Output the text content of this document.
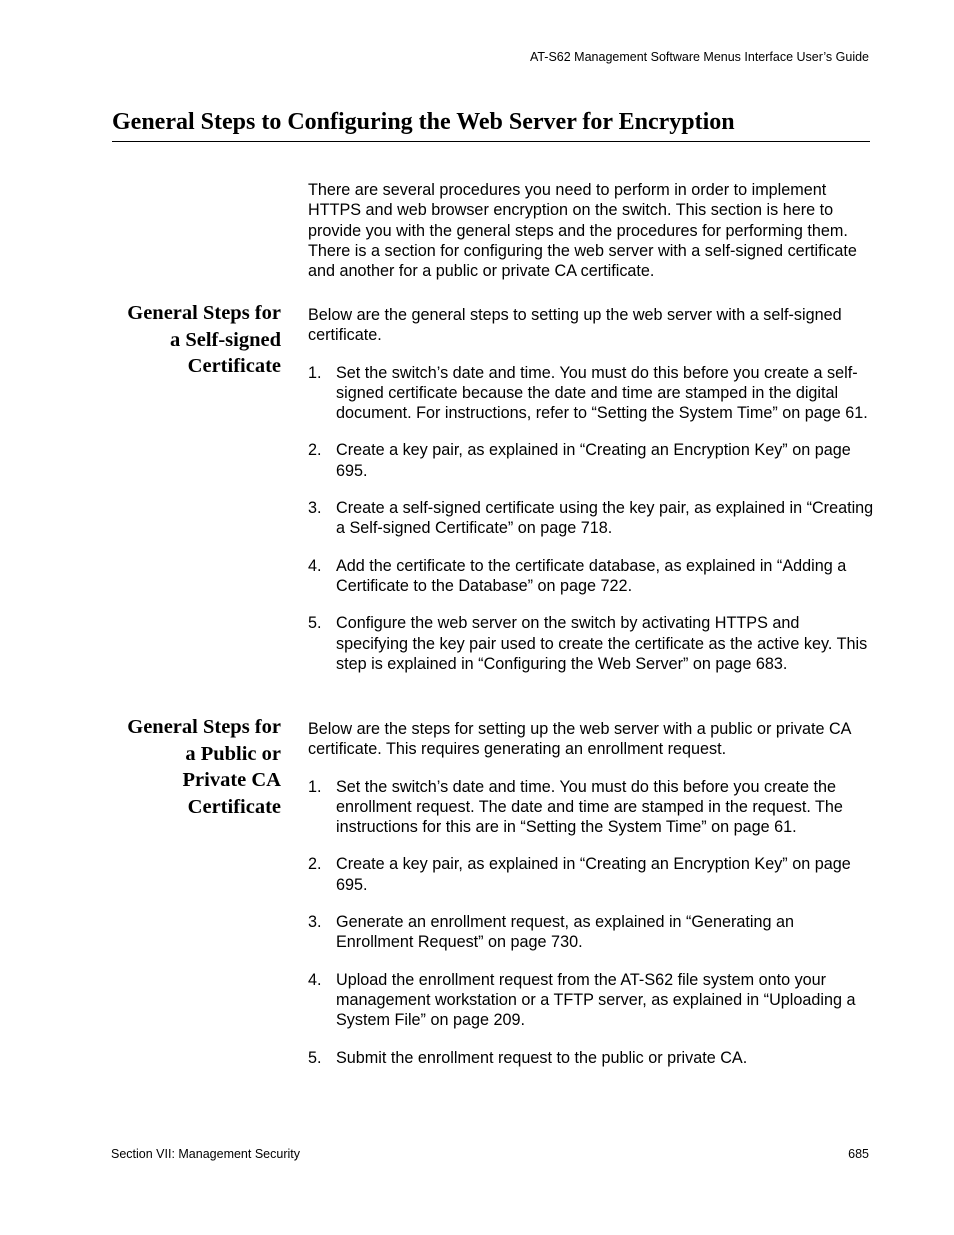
AT-S62 Management Software Menus Interface User’s Guide
General Steps to Configuring the Web Server for Encryption

There are several procedures you need to perform in order to implement HTTPS and web browser encryption on the switch. This section is here to provide you with the general steps and the procedures for performing them. There is a section for configuring the web server with a self-signed certificate and another for a public or private CA certificate.

General Steps for
a Self-signed
Certificate

Below are the general steps to setting up the web server with a self-signed certificate.

1. Set the switch’s date and time. You must do this before you create a self-signed certificate because the date and time are stamped in the digital document. For instructions, refer to “Setting the System Time” on page 61.
2. Create a key pair, as explained in “Creating an Encryption Key” on page 695.
3. Create a self-signed certificate using the key pair, as explained in “Creating a Self-signed Certificate” on page 718.
4. Add the certificate to the certificate database, as explained in “Adding a Certificate to the Database” on page 722.
5. Configure the web server on the switch by activating HTTPS and specifying the key pair used to create the certificate as the active key. This step is explained in “Configuring the Web Server” on page 683.
General Steps for
a Public or
Private CA
Certificate

Below are the steps for setting up the web server with a public or private CA certificate. This requires generating an enrollment request.

1. Set the switch’s date and time. You must do this before you create the enrollment request. The date and time are stamped in the request. The instructions for this are in “Setting the System Time” on page 61.
2. Create a key pair, as explained in “Creating an Encryption Key” on page 695.
3. Generate an enrollment request, as explained in “Generating an Enrollment Request” on page 730.
4. Upload the enrollment request from the AT-S62 file system onto your management workstation or a TFTP server, as explained in “Uploading a System File” on page 209.
5. Submit the enrollment request to the public or private CA.
Section VII: Management Security	685
